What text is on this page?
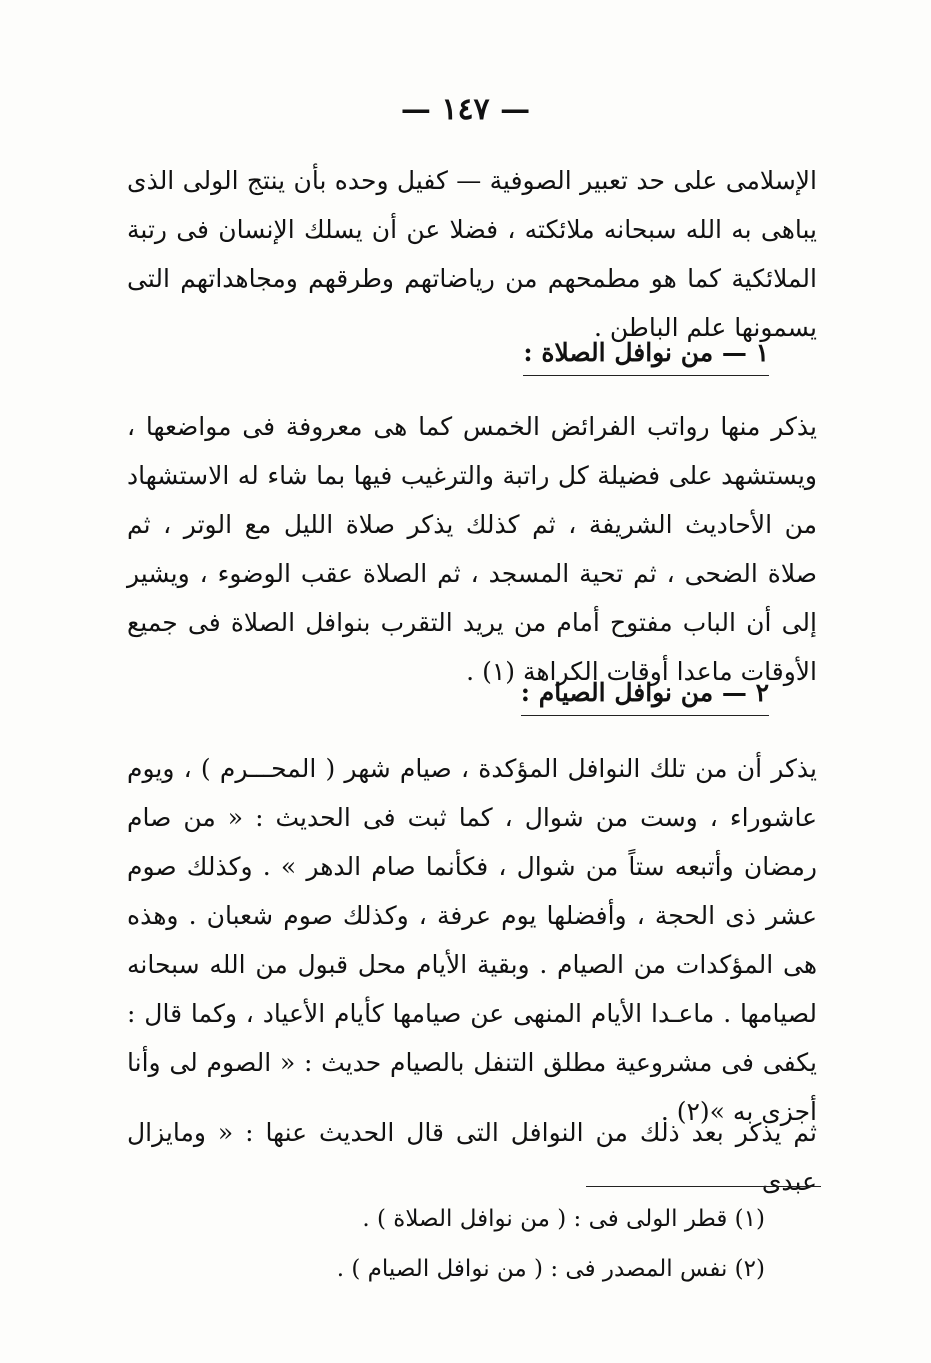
— ١٤٧ —

الإسلامى على حد تعبير الصوفية — كفيل وحده بأن ينتج الولى الذى يباهى به الله سبحانه ملائكته ، فضلا عن أن يسلك الإنسان فى رتبة الملائكية كما هو مطمحهم من رياضاتهم وطرقهم ومجاهداتهم التى يسمونها علم الباطن .

١ — من نوافل الصلاة :

يذكر منها رواتب الفرائض الخمس كما هى معروفة فى مواضعها ، ويستشهد على فضيلة كل راتبة والترغيب فيها بما شاء له الاستشهاد من الأحاديث الشريفة ، ثم كذلك يذكر صلاة الليل مع الوتر ، ثم صلاة الضحى ، ثم تحية المسجد ، ثم الصلاة عقب الوضوء ، ويشير إلى أن الباب مفتوح أمام من يريد التقرب بنوافل الصلاة فى جميع الأوقات ماعدا أوقات الكراهة (١) .

٢ — من نوافل الصيام :

يذكر أن من تلك النوافل المؤكدة ، صيام شهر ( المحـــرم ) ، ويوم عاشوراء ، وست من شوال ، كما ثبت فى الحديث : « من صام رمضان وأتبعه ستاً من شوال ، فكأنما صام الدهر » . وكذلك صوم عشر ذى الحجة ، وأفضلها يوم عرفة ، وكذلك صوم شعبان . وهذه هى المؤكدات من الصيام . وبقية الأيام محل قبول من الله سبحانه لصيامها . ماعـدا الأيام المنهى عن صيامها كأيام الأعياد ، وكما قال : يكفى فى مشروعية مطلق التنفل بالصيام حديث : « الصوم لى وأنا أجزى به »(٢) .

ثم يذكر بعد ذلك من النوافل التى قال الحديث عنها : « ومايزال عبدى

(١) قطر الولى فى : ( من نوافل الصلاة ) .
(٢) نفس المصدر فى : ( من نوافل الصيام ) .
